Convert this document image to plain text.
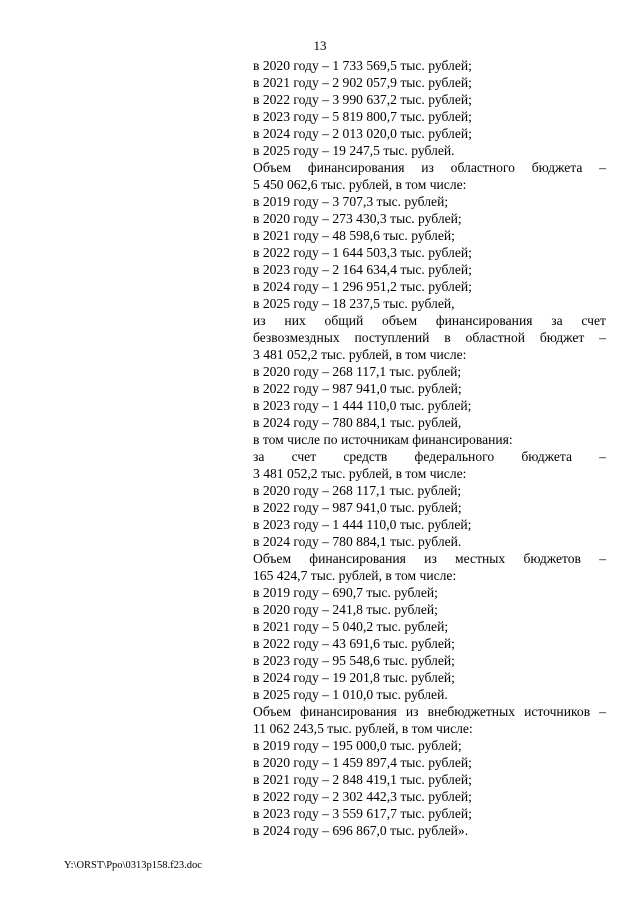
13
в 2020 году – 1 733 569,5 тыс. рублей;
в 2021 году – 2 902 057,9 тыс. рублей;
в 2022 году – 3 990 637,2 тыс. рублей;
в 2023 году – 5 819 800,7 тыс. рублей;
в 2024 году – 2 013 020,0 тыс. рублей;
в 2025 году – 19 247,5 тыс. рублей.
Объем финансирования из областного бюджета –
5 450 062,6 тыс. рублей, в том числе:
в 2019 году – 3 707,3 тыс. рублей;
в 2020 году – 273 430,3 тыс. рублей;
в 2021 году – 48 598,6 тыс. рублей;
в 2022 году – 1 644 503,3 тыс. рублей;
в 2023 году – 2 164 634,4 тыс. рублей;
в 2024 году – 1 296 951,2 тыс. рублей;
в 2025 году – 18 237,5 тыс. рублей,
из них общий объем финансирования за счет
безвозмездных поступлений в областной бюджет –
3 481 052,2 тыс. рублей, в том числе:
в 2020 году – 268 117,1 тыс. рублей;
в 2022 году – 987 941,0 тыс. рублей;
в 2023 году – 1 444 110,0 тыс. рублей;
в 2024 году – 780 884,1 тыс. рублей,
в том числе по источникам финансирования:
за счет средств федерального бюджета –
3 481 052,2 тыс. рублей, в том числе:
в 2020 году – 268 117,1 тыс. рублей;
в 2022 году – 987 941,0 тыс. рублей;
в 2023 году – 1 444 110,0 тыс. рублей;
в 2024 году – 780 884,1 тыс. рублей.
Объем финансирования из местных бюджетов –
165 424,7 тыс. рублей, в том числе:
в 2019 году – 690,7 тыс. рублей;
в 2020 году – 241,8 тыс. рублей;
в 2021 году – 5 040,2 тыс. рублей;
в 2022 году – 43 691,6 тыс. рублей;
в 2023 году – 95 548,6 тыс. рублей;
в 2024 году – 19 201,8 тыс. рублей;
в 2025 году – 1 010,0 тыс. рублей.
Объем финансирования из внебюджетных источников –
11 062 243,5 тыс. рублей, в том числе:
в 2019 году – 195 000,0 тыс. рублей;
в 2020 году – 1 459 897,4 тыс. рублей;
в 2021 году – 2 848 419,1 тыс. рублей;
в 2022 году – 2 302 442,3 тыс. рублей;
в 2023 году – 3 559 617,7 тыс. рублей;
в 2024 году – 696 867,0 тыс. рублей».
Y:\ORST\Ppo\0313p158.f23.doc
